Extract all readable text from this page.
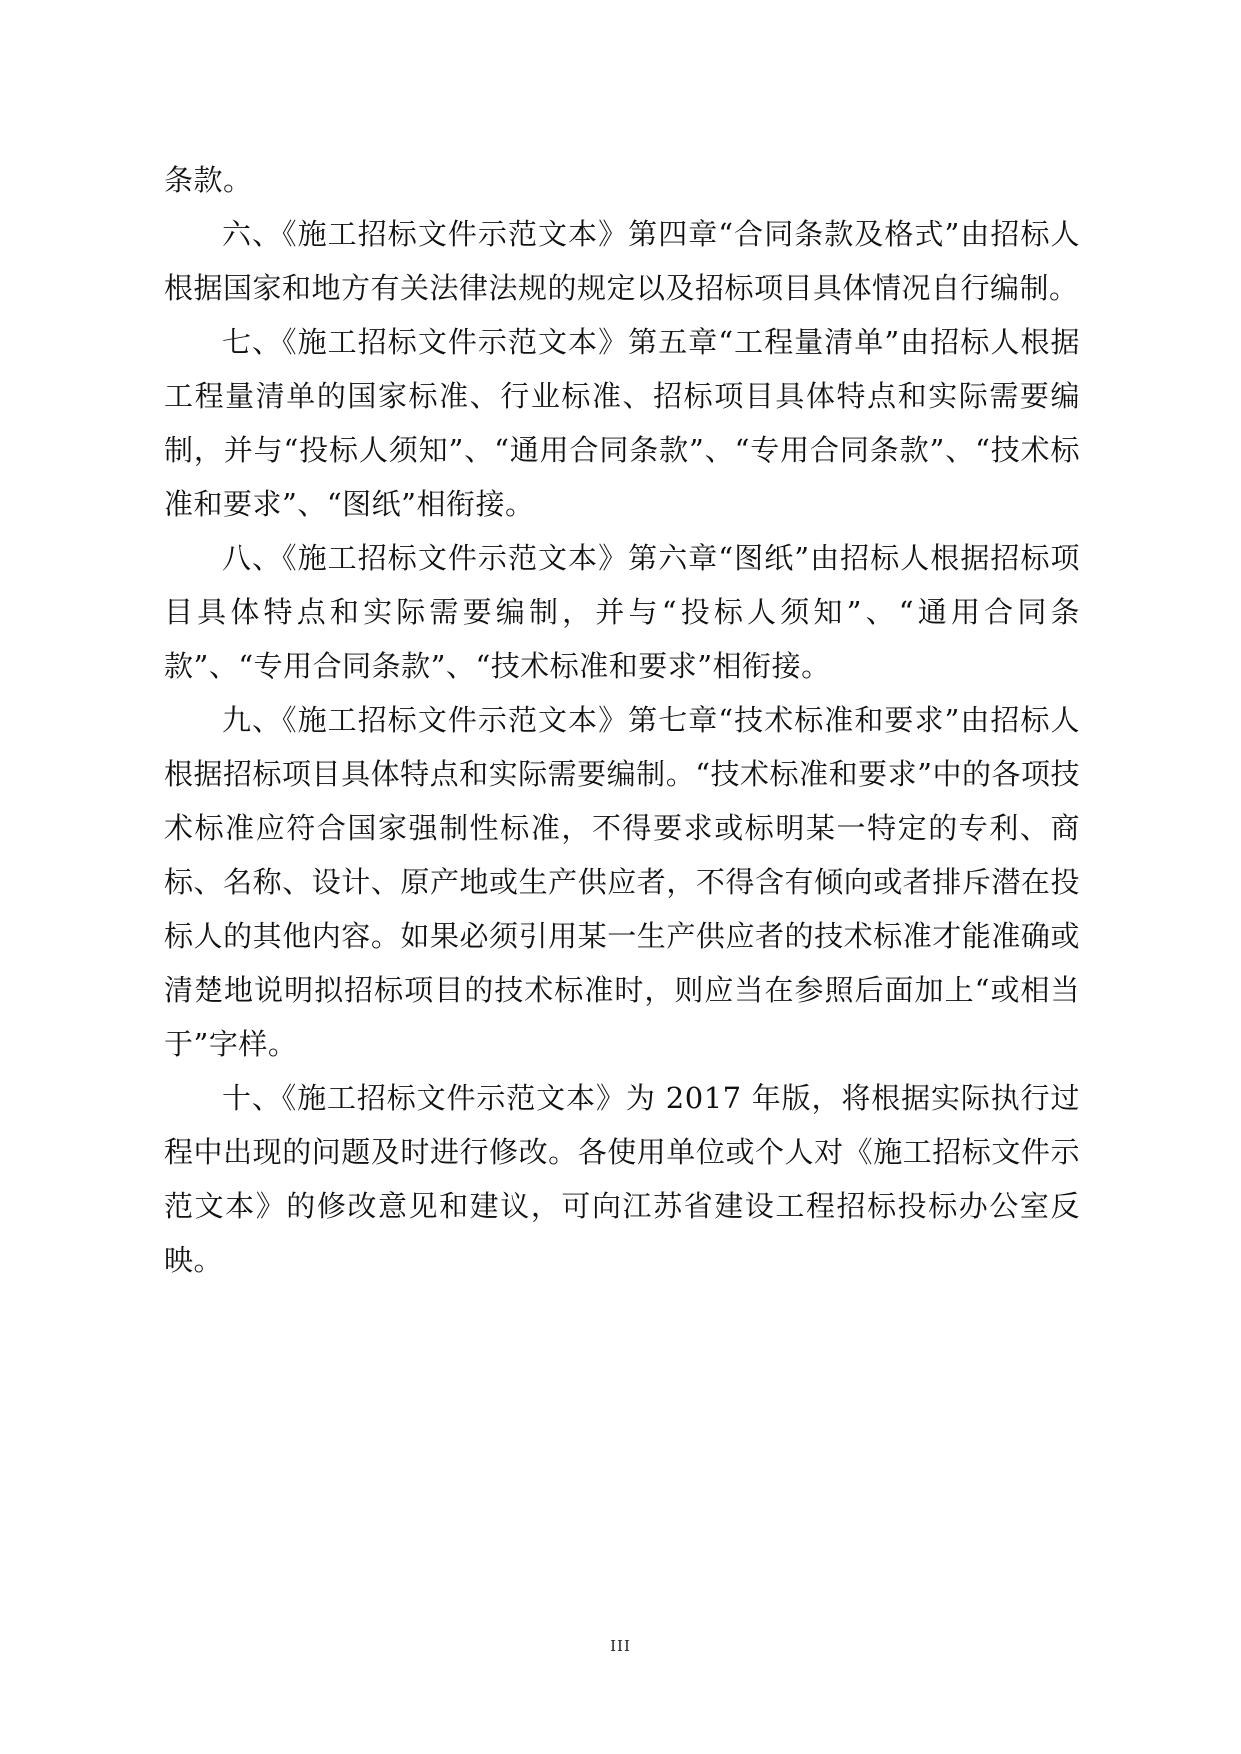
条款。

六、《施工招标文件示范文本》第四章“合同条款及格式”由招标人根据国家和地方有关法律法规的规定以及招标项目具体情况自行编制。

七、《施工招标文件示范文本》第五章“工程量清单”由招标人根据工程量清单的国家标准、行业标准、招标项目具体特点和实际需要编制，并与“投标人须知”、“通用合同条款”、“专用合同条款”、“技术标准和要求”、“图纸”相衔接。

八、《施工招标文件示范文本》第六章“图纸”由招标人根据招标项目具体特点和实际需要编制，并与“投标人须知”、“通用合同条款”、“专用合同条款”、“技术标准和要求”相衔接。

九、《施工招标文件示范文本》第七章“技术标准和要求”由招标人根据招标项目具体特点和实际需要编制。“技术标准和要求”中的各项技术标准应符合国家强制性标准，不得要求或标明某一特定的专利、商标、名称、设计、原产地或生产供应者，不得含有倾向或者排斥潜在投标人的其他内容。如果必须引用某一生产供应者的技术标准才能准确或清楚地说明拟招标项目的技术标准时，则应当在参照后面加上“或相当于”字样。

十、《施工招标文件示范文本》为 2017 年版，将根据实际执行过程中出现的问题及时进行修改。各使用单位或个人对《施工招标文件示范文本》的修改意见和建议，可向江苏省建设工程招标投标办公室反映。

III
